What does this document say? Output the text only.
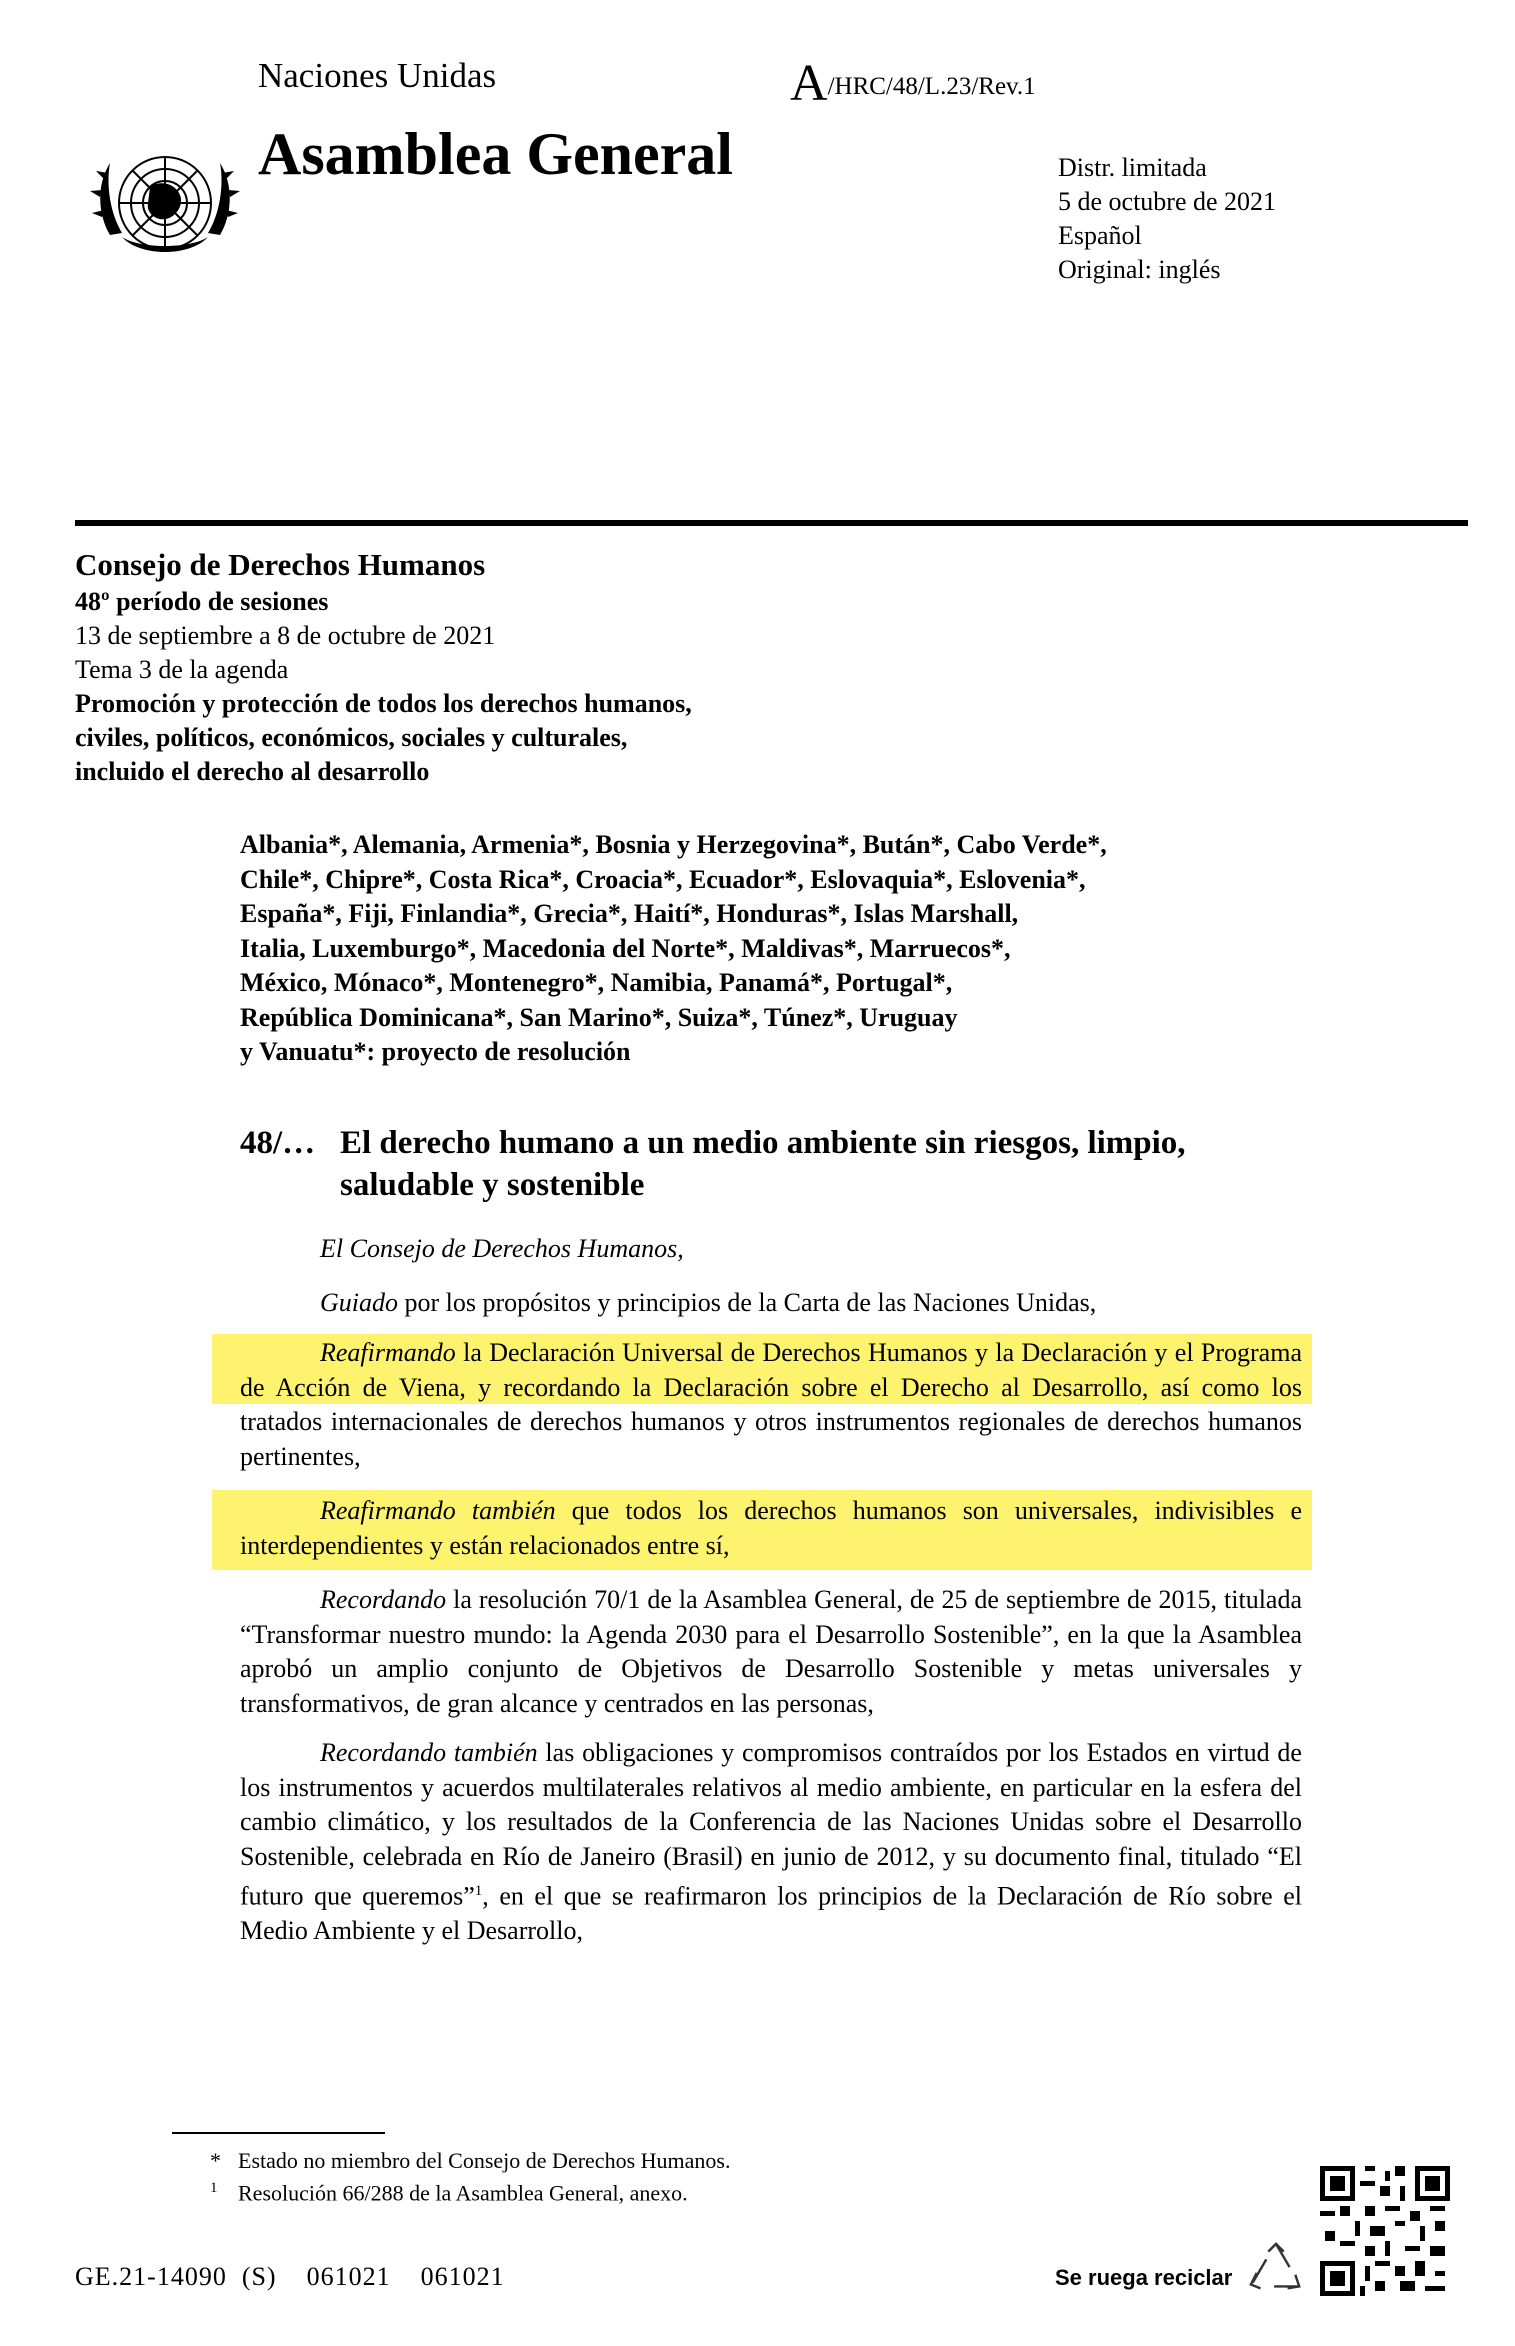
Naciones Unidas	A/HRC/48/L.23/Rev.1
Asamblea General	Distr. limitada
5 de octubre de 2021
Español
Original: inglés
Consejo de Derechos Humanos
48º período de sesiones
13 de septiembre a 8 de octubre de 2021
Tema 3 de la agenda
Promoción y protección de todos los derechos humanos,
civiles, políticos, económicos, sociales y culturales,
incluido el derecho al desarrollo
Albania*, Alemania, Armenia*, Bosnia y Herzegovina*, Bután*, Cabo Verde*,
Chile*, Chipre*, Costa Rica*, Croacia*, Ecuador*, Eslovaquia*, Eslovenia*,
España*, Fiji, Finlandia*, Grecia*, Haití*, Honduras*, Islas Marshall,
Italia, Luxemburgo*, Macedonia del Norte*, Maldivas*, Marruecos*,
México, Mónaco*, Montenegro*, Namibia, Panamá*, Portugal*,
República Dominicana*, San Marino*, Suiza*, Túnez*, Uruguay
y Vanuatu*: proyecto de resolución
48/… El derecho humano a un medio ambiente sin riesgos, limpio, saludable y sostenible
El Consejo de Derechos Humanos,
Guiado por los propósitos y principios de la Carta de las Naciones Unidas,
Reafirmando la Declaración Universal de Derechos Humanos y la Declaración y el Programa de Acción de Viena, y recordando la Declaración sobre el Derecho al Desarrollo, así como los tratados internacionales de derechos humanos y otros instrumentos regionales de derechos humanos pertinentes,
Reafirmando también que todos los derechos humanos son universales, indivisibles e interdependientes y están relacionados entre sí,
Recordando la resolución 70/1 de la Asamblea General, de 25 de septiembre de 2015, titulada “Transformar nuestro mundo: la Agenda 2030 para el Desarrollo Sostenible”, en la que la Asamblea aprobó un amplio conjunto de Objetivos de Desarrollo Sostenible y metas universales y transformativos, de gran alcance y centrados en las personas,
Recordando también las obligaciones y compromisos contraídos por los Estados en virtud de los instrumentos y acuerdos multilaterales relativos al medio ambiente, en particular en la esfera del cambio climático, y los resultados de la Conferencia de las Naciones Unidas sobre el Desarrollo Sostenible, celebrada en Río de Janeiro (Brasil) en junio de 2012, y su documento final, titulado “El futuro que queremos”$^1$, en el que se reafirmaron los principios de la Declaración de Río sobre el Medio Ambiente y el Desarrollo,
* Estado no miembro del Consejo de Derechos Humanos.
$^1$ Resolución 66/288 de la Asamblea General, anexo.
GE.21-14090  (S)    061021    061021	Se ruega reciclar
